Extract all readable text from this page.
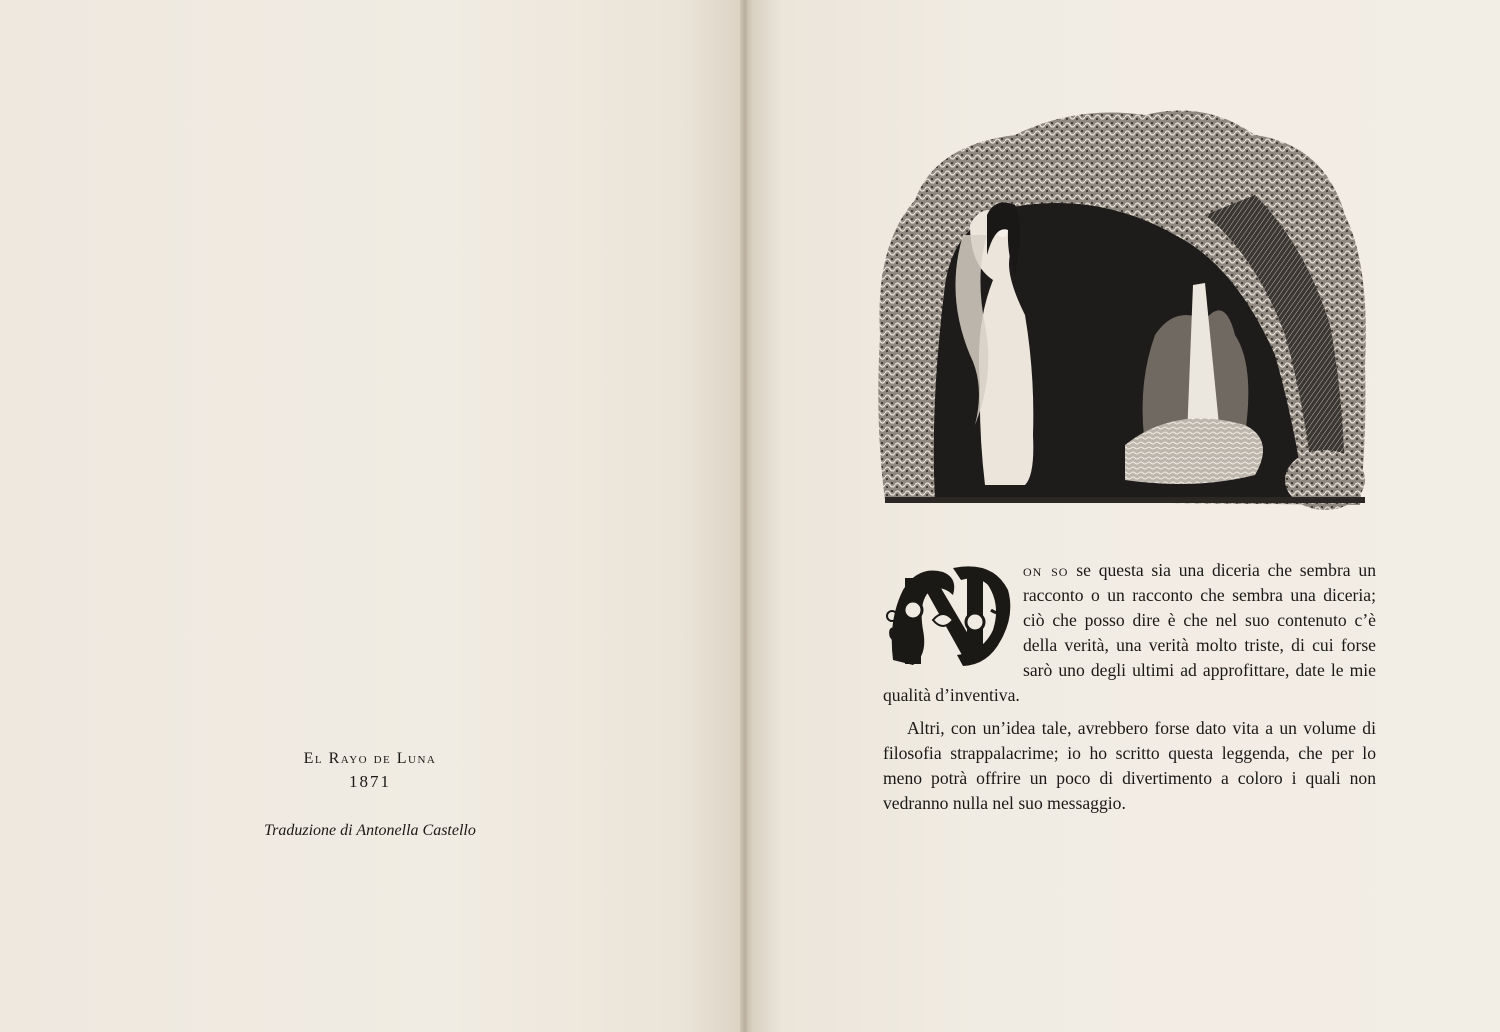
El Rayo de Luna

1871

Traduzione di Antonella Castello

on so se questa sia una diceria che sembra un racconto o un racconto che sembra una diceria; ciò che posso dire è che nel suo contenuto c’è della verità, una verità molto triste, di cui forse sarò uno degli ultimi ad approfittare, date le mie qualità d’inventiva.

Altri, con un’idea tale, avrebbero forse dato vita a un volume di filosofia strappalacrime; io ho scritto questa leggenda, che per lo meno potrà offrire un poco di divertimento a coloro i quali non vedranno nulla nel suo messaggio.
